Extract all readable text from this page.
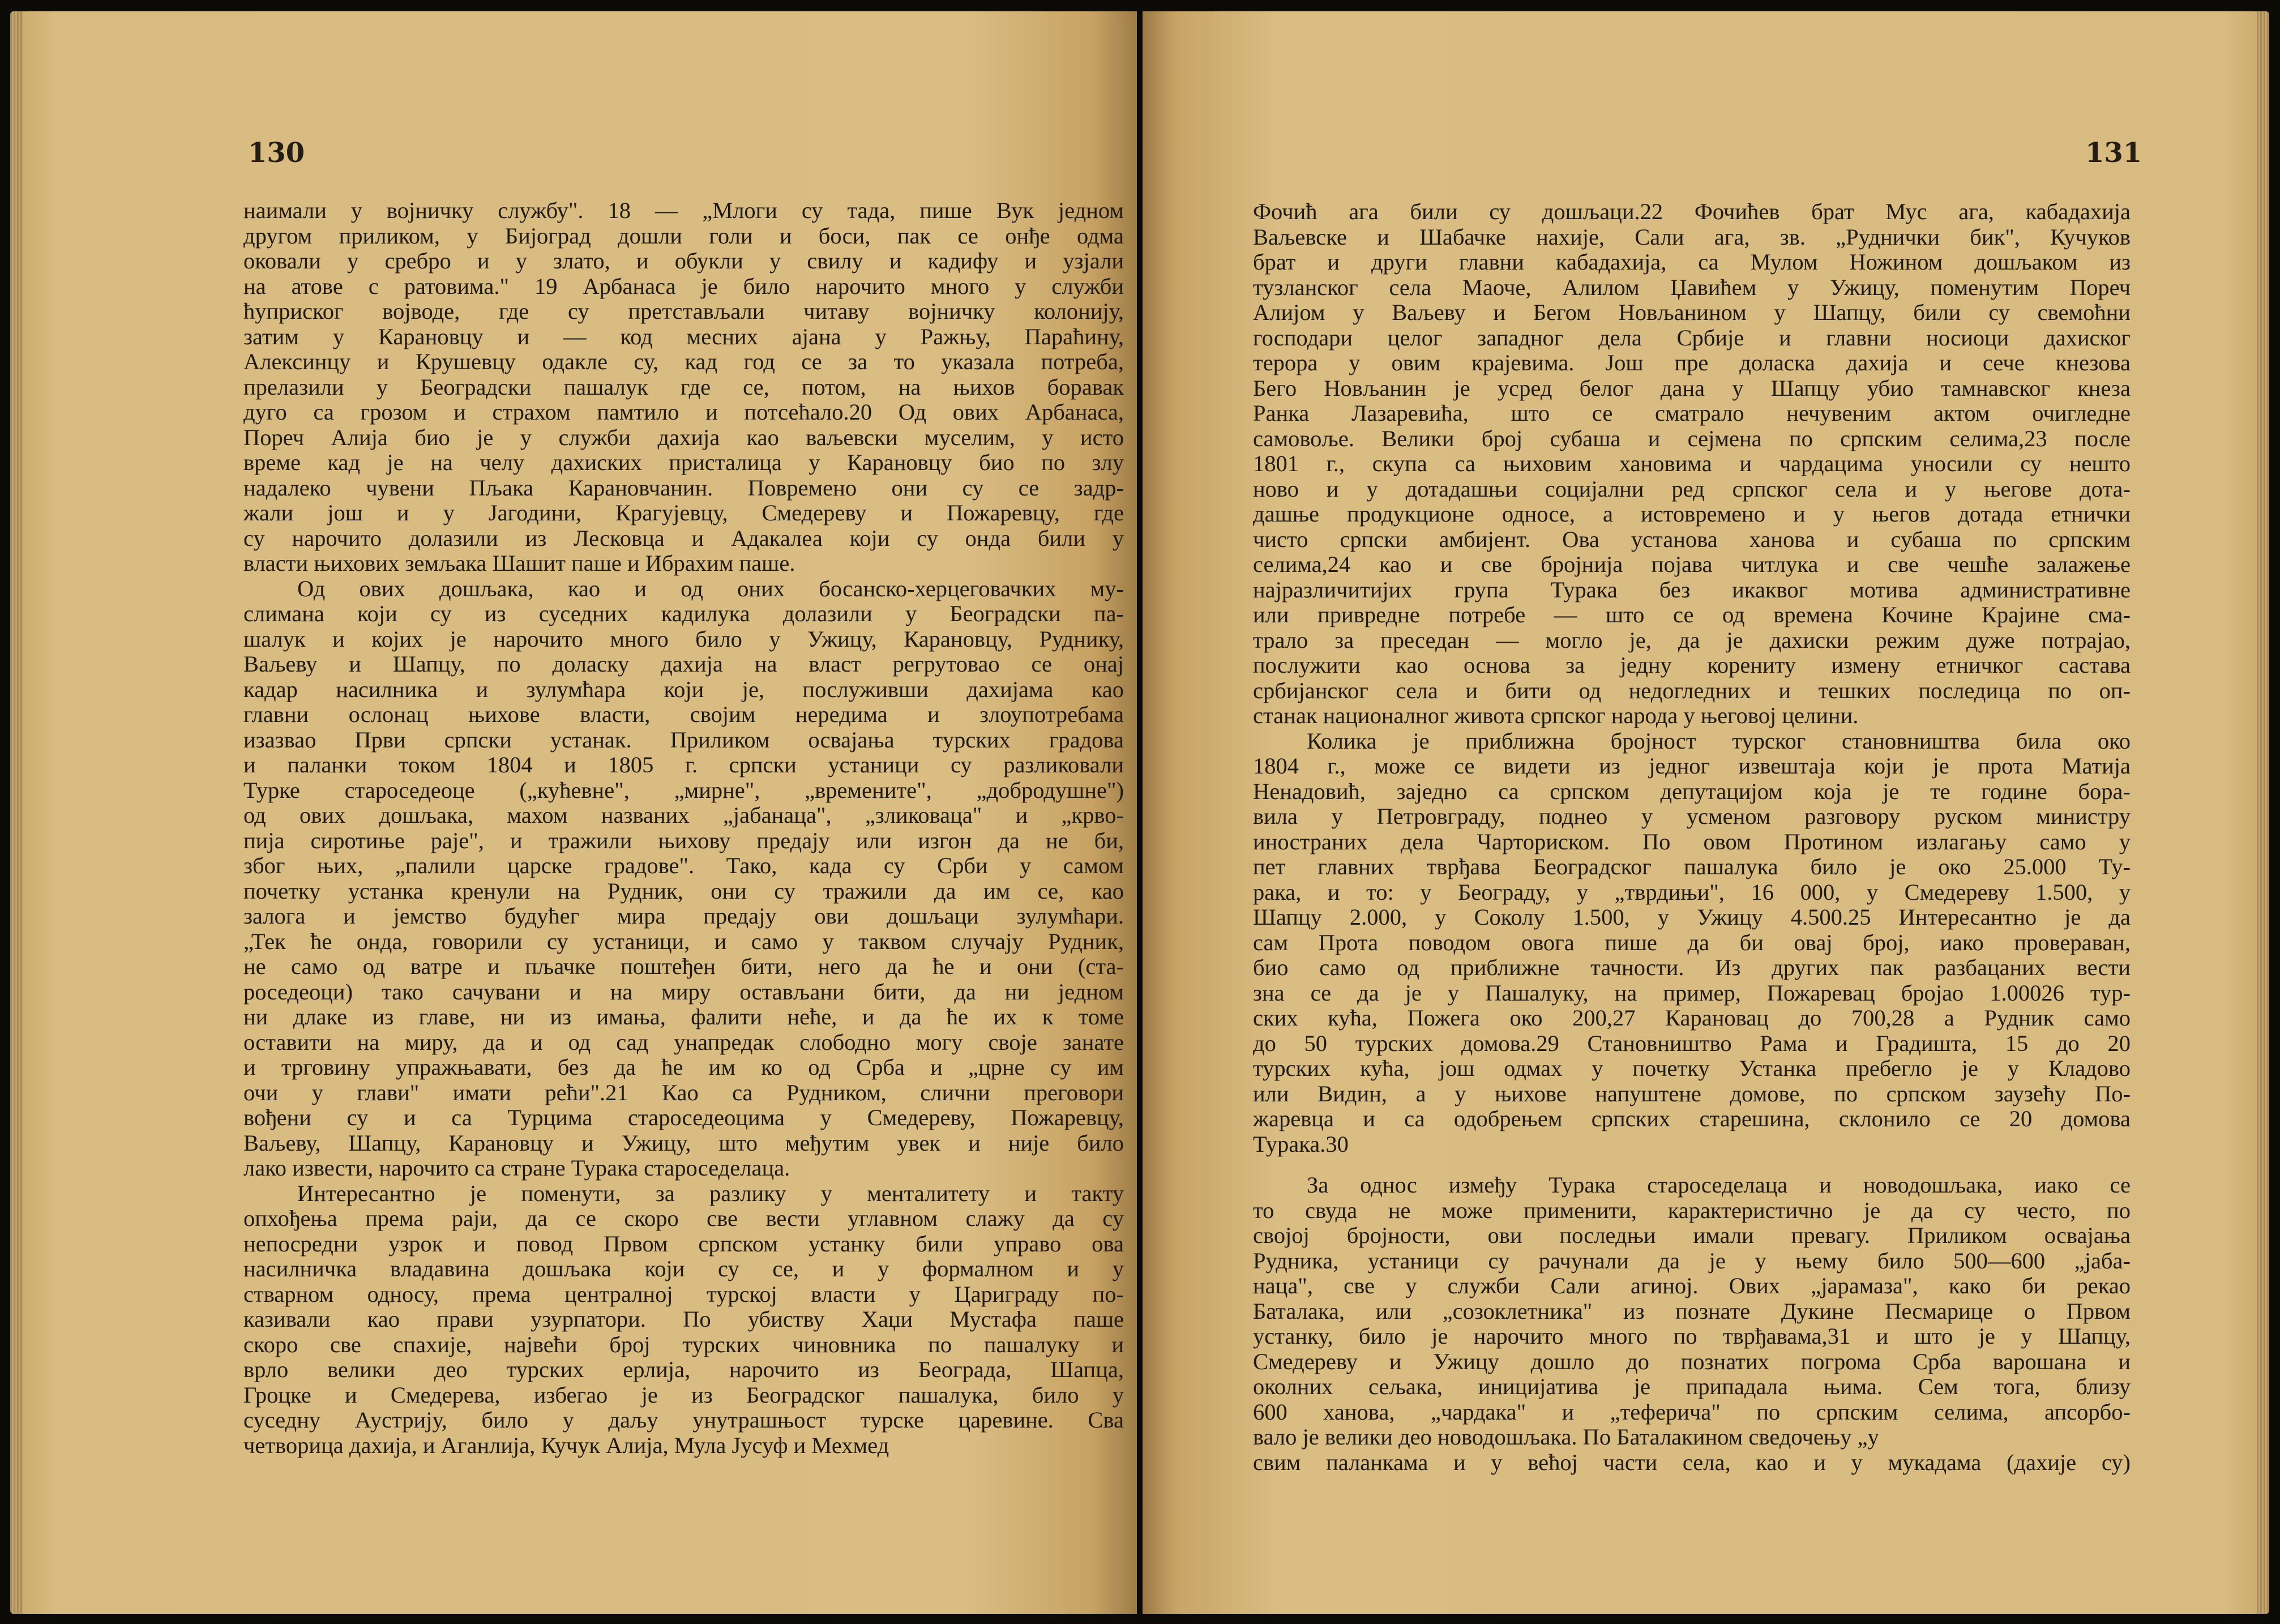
130
наимали у војничку службу". 18 — „Млоги су тада, пише Вук једном
другом приликом, у Бијоград дошли голи и боси, пак се онђе одма
оковали у сребро и у злато, и обукли у свилу и кадифу и узјали
на атове с ратовима." 19 Арбанаса је било нарочито много у служби
ћуприског војводе, где су претстављали читаву војничку колонију,
затим у Карановцу и — код месних ајана у Ражњу, Параћину,
Алексинцу и Крушевцу одакле су, кад год се за то указала потреба,
прелазили у Београдски пашалук где се, потом, на њихов боравак
дуго са грозом и страхом памтило и потсећало.20 Од ових Арбанаса,
Пореч Алија био је у служби дахија као ваљевски муселим, у исто
време кад је на челу дахиских присталица у Карановцу био по злу
надалеко чувени Пљака Карановчанин. Повремено они су се задр-
жали још и у Јагодини, Крагујевцу, Смедереву и Пожаревцу, где
су нарочито долазили из Лесковца и Адакалеа који су онда били у
власти њихових земљака Шашит паше и Ибрахим паше.
Од ових дошљака, као и од оних босанско-херцеговачких му-
слимана који су из суседних кадилука долазили у Београдски па-
шалук и којих је нарочито много било у Ужицу, Карановцу, Руднику,
Ваљеву и Шапцу, по доласку дахија на власт регрутовао се онај
кадар насилника и зулумћара који је, послуживши дахијама као
главни ослонац њихове власти, својим нередима и злоупотребама
изазвао Први српски устанак. Приликом освајања турских градова
и паланки током 1804 и 1805 г. српски устаници су разликовали
Турке староседеоце („кућевне", „мирне", „времените", „добродушне")
од ових дошљака, махом названих „јабанаца", „зликоваца" и „крво-
пија сиротиње раје", и тражили њихову предају или изгон да не би,
због њих, „палили царске градове". Тако, када су Срби у самом
почетку устанка кренули на Рудник, они су тражили да им се, као
залога и јемство будућег мира предају ови дошљаци зулумћари.
„Тек ће онда, говорили су устаници, и само у таквом случају Рудник,
не само од ватре и пљачке поштеђен бити, него да ће и они (ста-
роседеоци) тако сачувани и на миру остављани бити, да ни једном
ни длаке из главе, ни из имања, фалити неће, и да ће их к томе
оставити на миру, да и од сад унапредак слободно могу своје занате
и трговину упражњавати, без да ће им ко од Срба и „црне су им
очи у глави" имати рећи".21 Као са Рудником, слични преговори
вођени су и са Турцима староседеоцима у Смедереву, Пожаревцу,
Ваљеву, Шапцу, Карановцу и Ужицу, што међутим увек и није било
лако извести, нарочито са стране Турака староседелаца.
Интересантно је поменути, за разлику у менталитету и такту
опхођења према раји, да се скоро све вести углавном слажу да су
непосредни узрок и повод Првом српском устанку били управо ова
насилничка владавина дошљака који су се, и у формалном и у
стварном односу, према централној турској власти у Цариграду по-
казивали као прави узурпатори. По убиству Хаџи Мустафа паше
скоро све спахије, највећи број турских чиновника по пашалуку и
врло велики део турских ерлија, нарочито из Београда, Шапца,
Гроцке и Смедерева, избегао је из Београдског пашалука, било у
суседну Аустрију, било у даљу унутрашњост турске царевине. Сва
четворица дахија, и Аганлија, Кучук Алија, Мула Јусуф и Мехмед
131
Фочић ага били су дошљаци.22 Фочићев брат Мус ага, кабадахија
Ваљевске и Шабачке нахије, Сали ага, зв. „Руднички бик", Кучуков
брат и други главни кабадахија, са Мулом Ножином дошљаком из
тузланског села Маоче, Алилом Џавићем у Ужицу, поменутим Пореч
Алијом у Ваљеву и Бегом Новљанином у Шапцу, били су свемоћни
господари целог западног дела Србије и главни носиоци дахиског
терора у овим крајевима. Још пре доласка дахија и сече кнезова
Бего Новљанин је усред белог дана у Шапцу убио тамнавског кнеза
Ранка Лазаревића, што се сматрало нечувеним актом очигледне
самовоље. Велики број субаша и сејмена по српским селима,23 после
1801 г., скупа са њиховим хановима и чардацима уносили су нешто
ново и у дотадашњи социјални ред српског села и у његове дота-
дашње продукционе односе, а истовремено и у његов дотада етнички
чисто српски амбијент. Ова установа ханова и субаша по српским
селима,24 као и све бројнија појава читлука и све чешће залажење
најразличитијих група Турака без икаквог мотива административне
или привредне потребе — што се од времена Кочине Крајине сма-
трало за преседан — могло је, да је дахиски режим дуже потрајао,
послужити као основа за једну корениту измену етничког састава
србијанског села и бити од недогледних и тешких последица по оп-
станак националног живота српског народа у његовој целини.
Колика је приближна бројност турског становништва била око
1804 г., може се видети из једног извештаја који је прота Матија
Ненадовић, заједно са српском депутацијом која је те године бора-
вила у Петровграду, поднео у усменом разговору руском министру
иностраних дела Чарториском. По овом Протином излагању само у
пет главних тврђава Београдског пашалука било је око 25.000 Ту-
рака, и то: у Београду, у „тврдињи", 16 000, у Смедереву 1.500, у
Шапцу 2.000, у Соколу 1.500, у Ужицу 4.500.25 Интересантно је да
сам Прота поводом овога пише да би овај број, иако провераван,
био само од приближне тачности. Из других пак разбацаних вести
зна се да је у Пашалуку, на пример, Пожаревац бројао 1.00026 тур-
ских кућа, Пожега око 200,27 Карановац до 700,28 а Рудник само
до 50 турских домова.29 Становништво Рама и Градишта, 15 до 20
турских кућа, још одмах у почетку Устанка пребегло је у Кладово
или Видин, а у њихове напуштене домове, по српском заузећу По-
жаревца и са одобрењем српских старешина, склонило се 20 домова
Турака.30
За однос између Турака староседелаца и новодошљака, иако се
то свуда не може применити, карактеристично је да су често, по
својој бројности, ови последњи имали превагу. Приликом освајања
Рудника, устаници су рачунали да је у њему било 500—600 „јаба-
наца", све у служби Сали агиној. Ових „јарамаза", како би рекао
Баталака, или „созоклетника" из познате Дукине Песмарице о Првом
устанку, било је нарочито много по тврђавама,31 и што је у Шапцу,
Смедереву и Ужицу дошло до познатих погрома Срба варошана и
околних сељака, иницијатива је припадала њима. Сем тога, близу
600 ханова, „чардака" и „теферича" по српским селима, апсорбо-
вало је велики део новодошљака. По Баталакином сведочењу „у
свим паланкама и у већој части села, као и у мукадама (дахије су)
